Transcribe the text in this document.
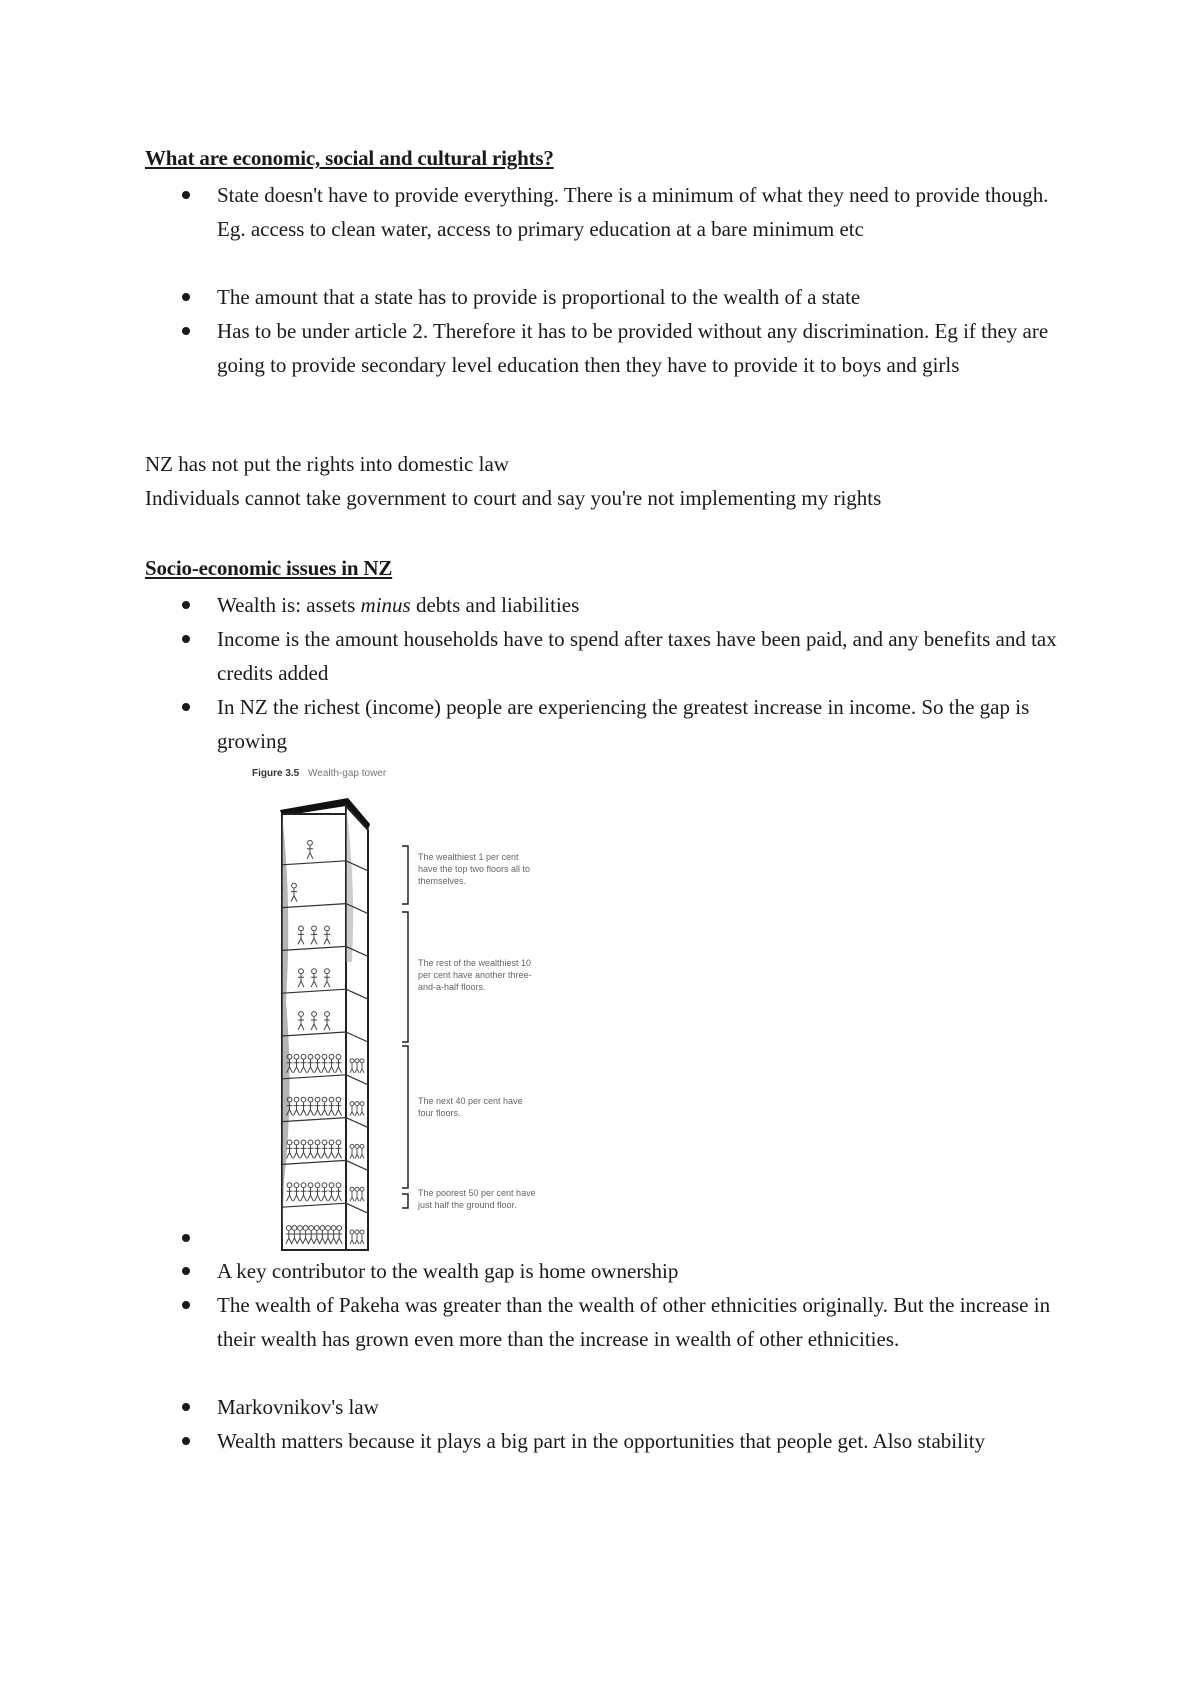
What are economic, social and cultural rights?
State doesn't have to provide everything. There is a minimum of what they need to provide though. Eg. access to clean water, access to primary education at a bare minimum etc
The amount that a state has to provide is proportional to the wealth of a state
Has to be under article 2. Therefore it has to be provided without any discrimination. Eg if they are going to provide secondary level education then they have to provide it to boys and girls
NZ has not put the rights into domestic law
Individuals cannot take government to court and say you're not implementing my rights
Socio-economic issues in NZ
Wealth is: assets minus debts and liabilities
Income is the amount households have to spend after taxes have been paid, and any benefits and tax credits added
In NZ the richest (income) people are experiencing the greatest increase in income. So the gap is growing
Figure 3.5 Wealth-gap tower
The wealthiest 1 per cent
have the top two floors all to
themselves.
The rest of the wealthiest 10
per cent have another three-
and-a-half floors.
The next 40 per cent have
four floors.
The poorest 50 per cent have
just half the ground floor.
A key contributor to the wealth gap is home ownership
The wealth of Pakeha was greater than the wealth of other ethnicities originally. But the increase in their wealth has grown even more than the increase in wealth of other ethnicities.
Markovnikov's law
Wealth matters because it plays a big part in the opportunities that people get. Also stability
